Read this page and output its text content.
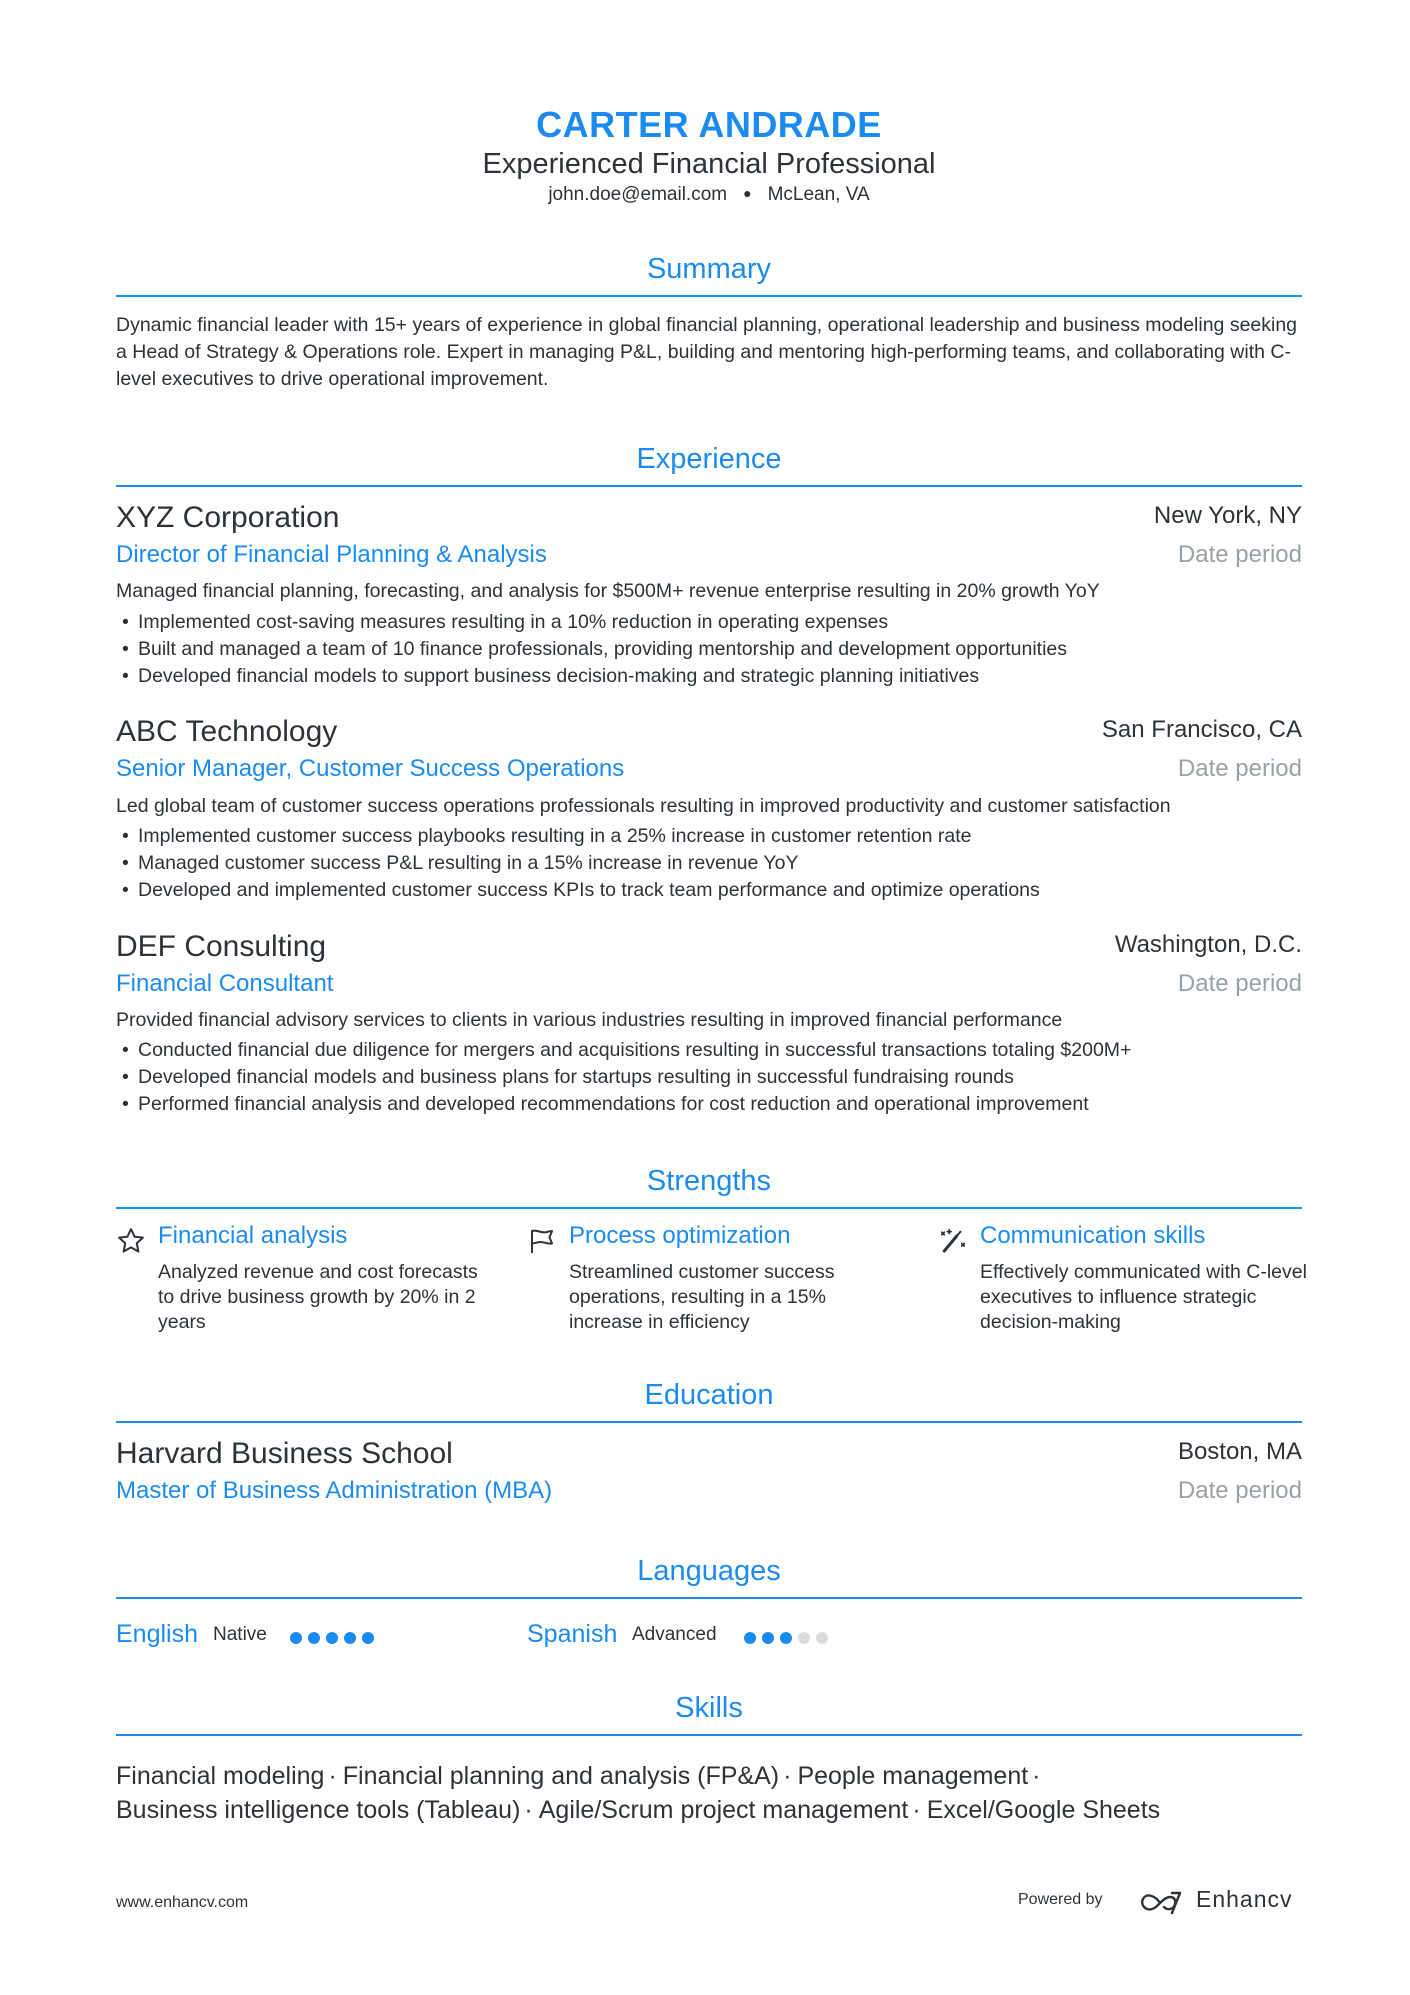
CARTER ANDRADE
Experienced Financial Professional
john.doe@email.com ● McLean, VA
Summary
Dynamic financial leader with 15+ years of experience in global financial planning, operational leadership and business modeling seeking a Head of Strategy & Operations role. Expert in managing P&L, building and mentoring high-performing teams, and collaborating with C-level executives to drive operational improvement.
Experience
XYZ Corporation	New York, NY
Director of Financial Planning & Analysis	Date period
Managed financial planning, forecasting, and analysis for $500M+ revenue enterprise resulting in 20% growth YoY
• Implemented cost-saving measures resulting in a 10% reduction in operating expenses
• Built and managed a team of 10 finance professionals, providing mentorship and development opportunities
• Developed financial models to support business decision-making and strategic planning initiatives
ABC Technology	San Francisco, CA
Senior Manager, Customer Success Operations	Date period
Led global team of customer success operations professionals resulting in improved productivity and customer satisfaction
• Implemented customer success playbooks resulting in a 25% increase in customer retention rate
• Managed customer success P&L resulting in a 15% increase in revenue YoY
• Developed and implemented customer success KPIs to track team performance and optimize operations
DEF Consulting	Washington, D.C.
Financial Consultant	Date period
Provided financial advisory services to clients in various industries resulting in improved financial performance
• Conducted financial due diligence for mergers and acquisitions resulting in successful transactions totaling $200M+
• Developed financial models and business plans for startups resulting in successful fundraising rounds
• Performed financial analysis and developed recommendations for cost reduction and operational improvement
Strengths
Financial analysis
Analyzed revenue and cost forecasts to drive business growth by 20% in 2 years
Process optimization
Streamlined customer success operations, resulting in a 15% increase in efficiency
Communication skills
Effectively communicated with C-level executives to influence strategic decision-making
Education
Harvard Business School	Boston, MA
Master of Business Administration (MBA)	Date period
Languages
English Native	Spanish Advanced
Skills
Financial modeling · Financial planning and analysis (FP&A) · People management ·
Business intelligence tools (Tableau) · Agile/Scrum project management · Excel/Google Sheets
www.enhancv.com	Powered by	Enhancv
